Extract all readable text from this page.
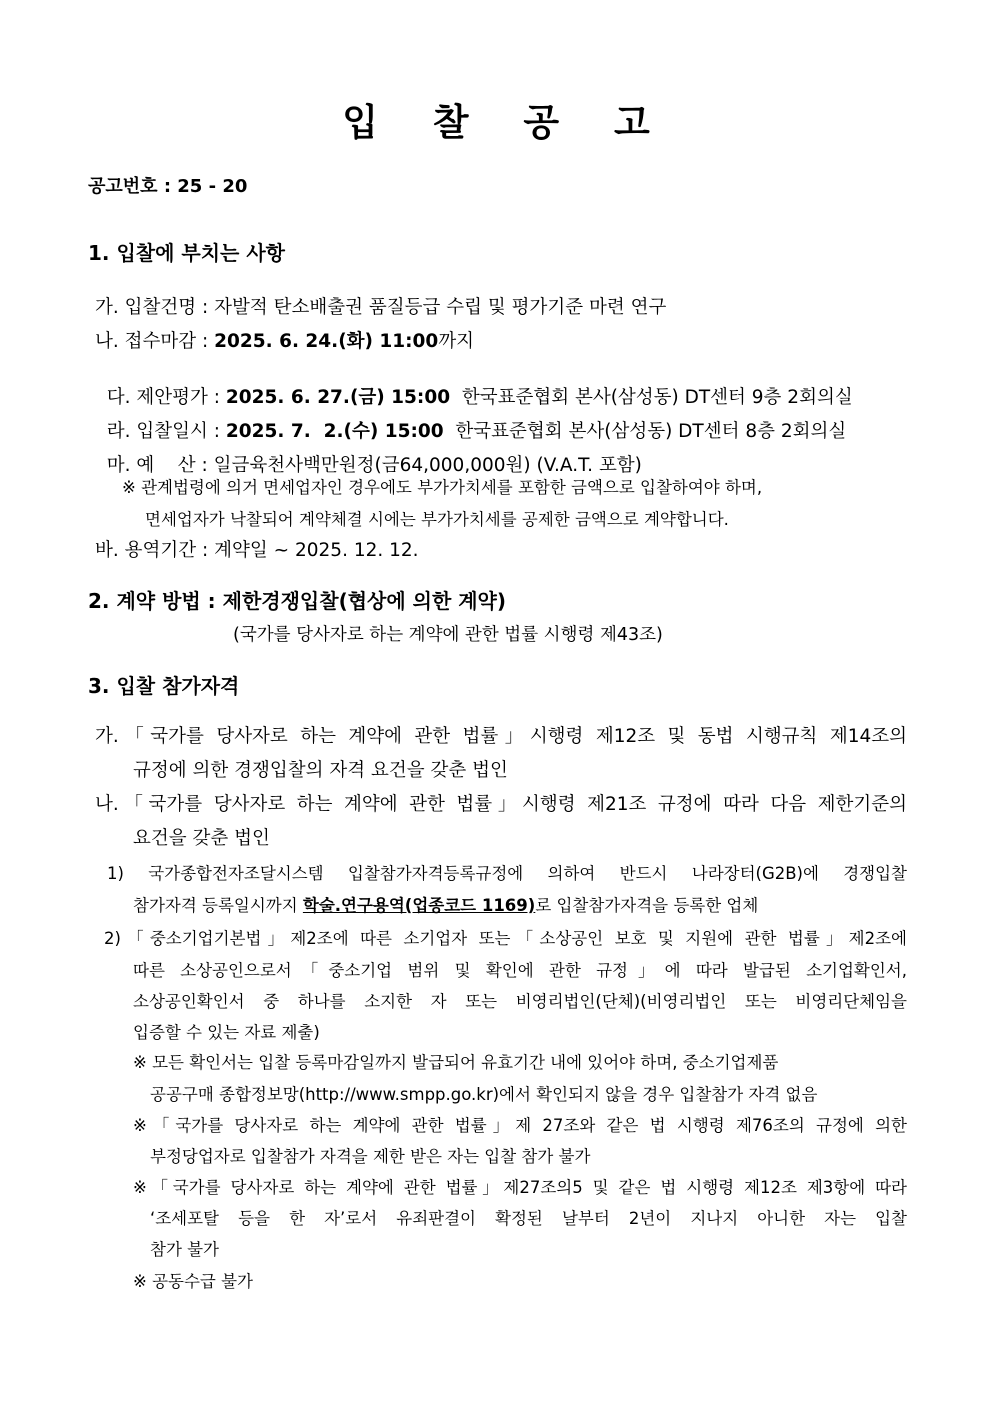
입 찰 공 고
공고번호 : 25 - 20
1. 입찰에 부치는 사항
가. 입찰건명 : 자발적 탄소배출권 품질등급 수립 및 평가기준 마련 연구
나. 접수마감 : 2025. 6. 24.(화) 11:00까지

다. 제안평가 : 2025. 6. 27.(금) 15:00  한국표준협회 본사(삼성동) DT센터 9층 2회의실

라. 입찰일시 : 2025. 7.  2.(수) 15:00  한국표준협회 본사(삼성동) DT센터 8층 2회의실

마. 예    산 : 일금육천사백만원정(금64,000,000원) (V.A.T. 포함)

※ 관계법령에 의거 면세업자인 경우에도 부가가치세를 포함한 금액으로 입찰하여야 하며,
면세업자가 낙찰되어 계약체결 시에는 부가가치세를 공제한 금액으로 계약합니다.
바. 용역기간 : 계약일 ~ 2025. 12. 12.
2. 계약 방법 : 제한경쟁입찰(협상에 의한 계약)
(국가를 당사자로 하는 계약에 관한 법률 시행령 제43조)
3. 입찰 참가자격
가.「국가를 당사자로 하는 계약에 관한 법률」시행령 제12조 및 동법 시행규칙 제14조의
규정에 의한 경쟁입찰의 자격 요건을 갖춘 법인
나.「국가를 당사자로 하는 계약에 관한 법률」시행령 제21조 규정에 따라 다음 제한기준의
요건을 갖춘 법인
1) 국가종합전자조달시스템 입찰참가자격등록규정에 의하여 반드시 나라장터(G2B)에 경쟁입찰
참가자격 등록일시까지 학술.연구용역(업종코드 1169)로 입찰참가자격을 등록한 업체
2)「중소기업기본법」제2조에 따른 소기업자 또는「소상공인 보호 및 지원에 관한 법률」제2조에
따른 소상공인으로서「중소기업 범위 및 확인에 관한 규정」에 따라 발급된 소기업확인서,
소상공인확인서 중 하나를 소지한 자 또는 비영리법인(단체)(비영리법인 또는 비영리단체임을
입증할 수 있는 자료 제출)
※ 모든 확인서는 입찰 등록마감일까지 발급되어 유효기간 내에 있어야 하며, 중소기업제품
공공구매 종합정보망(http://www.smpp.go.kr)에서 확인되지 않을 경우 입찰참가 자격 없음
※「국가를 당사자로 하는 계약에 관한 법률」제 27조와 같은 법 시행령 제76조의 규정에 의한
부정당업자로 입찰참가 자격을 제한 받은 자는 입찰 참가 불가
※「국가를 당사자로 하는 계약에 관한 법률」제27조의5 및 같은 법 시행령 제12조 제3항에 따라
‘조세포탈 등을 한 자’로서 유죄판결이 확정된 날부터 2년이 지나지 아니한 자는 입찰
참가 불가
※ 공동수급 불가
